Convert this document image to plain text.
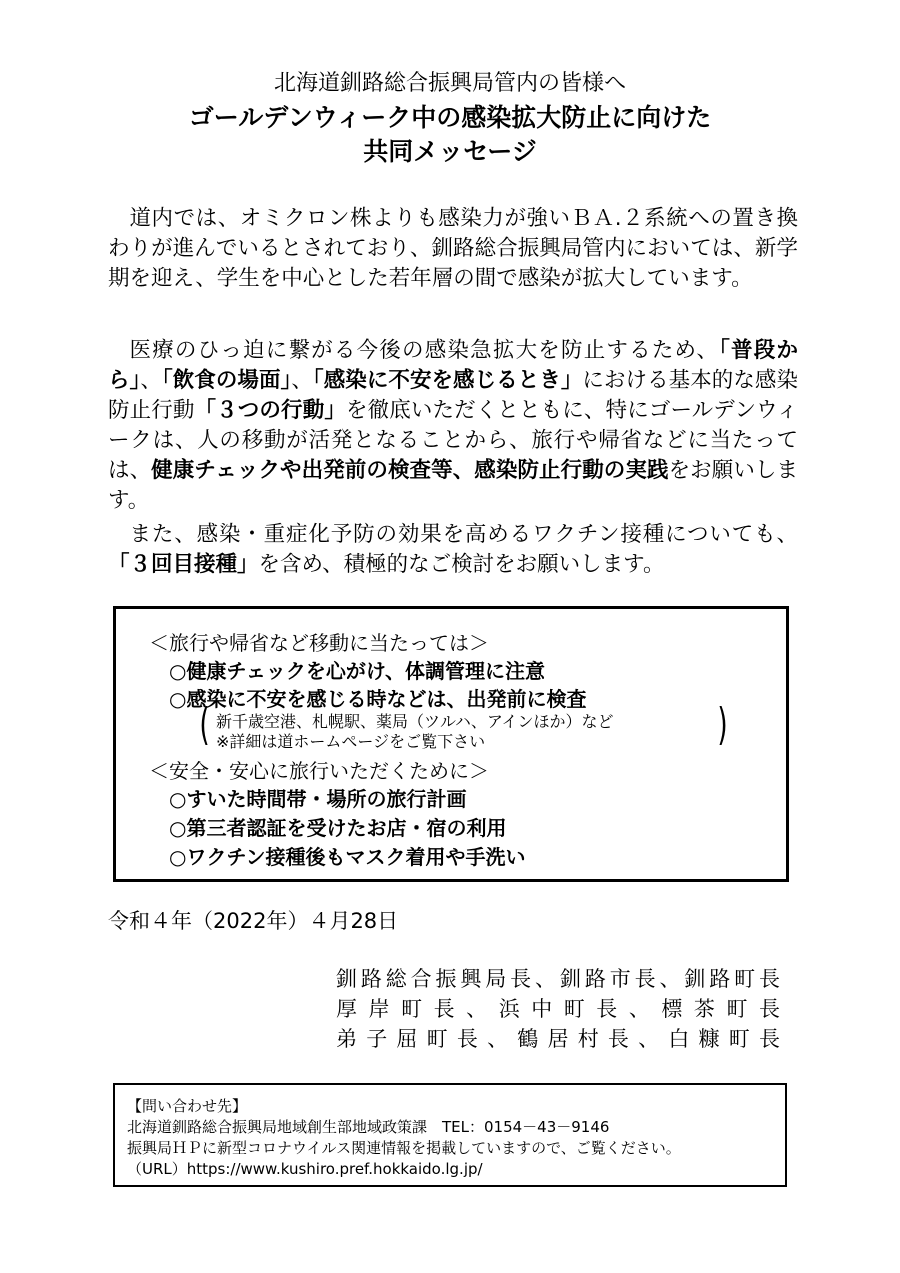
北海道釧路総合振興局管内の皆様へ
ゴールデンウィーク中の感染拡大防止に向けた
共同メッセージ

道内では、オミクロン株よりも感染力が強いＢＡ.２系統への置き換わりが進んでいるとされており、釧路総合振興局管内においては、新学期を迎え、学生を中心とした若年層の間で感染が拡大しています。

医療のひっ迫に繋がる今後の感染急拡大を防止するため、「普段から」、「飲食の場面」、「感染に不安を感じるとき」における基本的な感染防止行動「３つの行動」を徹底いただくとともに、特にゴールデンウィークは、人の移動が活発となることから、旅行や帰省などに当たっては、健康チェックや出発前の検査等、感染防止行動の実践をお願いします。

また、感染・重症化予防の効果を高めるワクチン接種についても、「３回目接種」を含め、積極的なご検討をお願いします。

＜旅行や帰省など移動に当たっては＞
○健康チェックを心がけ、体調管理に注意
○感染に不安を感じる時などは、出発前に検査
( 新千歳空港、札幌駅、薬局（ツルハ、アインほか）など
※詳細は道ホームページをご覧下さい	)
＜安全・安心に旅行いただくために＞
○すいた時間帯・場所の旅行計画
○第三者認証を受けたお店・宿の利用
○ワクチン接種後もマスク着用や手洗い
令和４年（2022年）４月28日
釧路総合振興局長、釧路市長、釧路町長
厚岸町長、浜中町長、標茶町長
弟子屈町長、鶴居村長、白糠町長
【問い合わせ先】
北海道釧路総合振興局地域創生部地域政策課　TEL：0154－43－9146
振興局ＨＰに新型コロナウイルス関連情報を掲載していますので、ご覧ください。
（URL）https://www.kushiro.pref.hokkaido.lg.jp/
